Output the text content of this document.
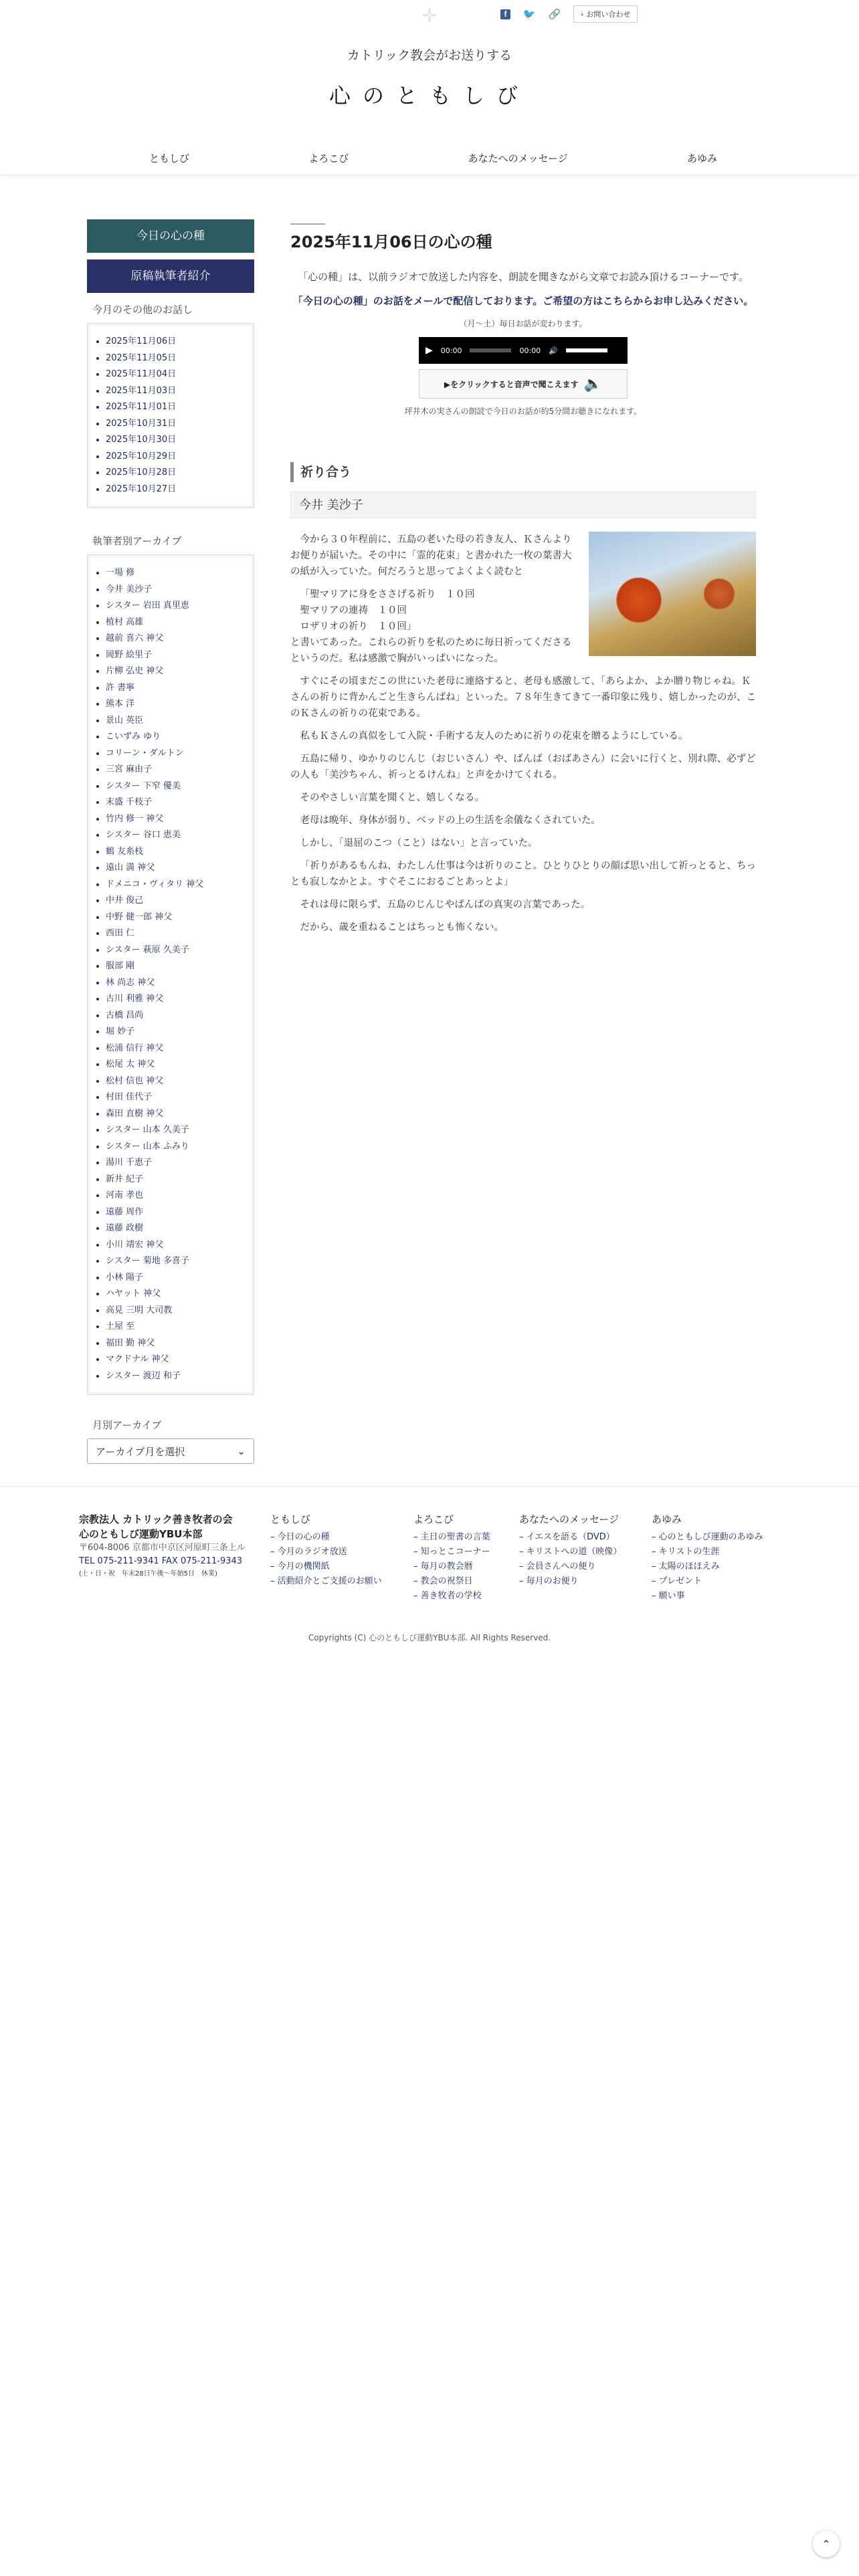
✛	f	🐦 🔗	› お問い合わせ
カトリック教会がお送りする
心のともしび
ともしび	よろこび	あなたへのメッセージ	あゆみ
今日の心の種
原稿執筆者紹介
今月のその他のお話し
• 2025年11月06日
• 2025年11月05日
• 2025年11月04日
• 2025年11月03日
• 2025年11月01日
• 2025年10月31日
• 2025年10月30日
• 2025年10月29日
• 2025年10月28日
• 2025年10月27日
執筆者別アーカイブ
• 一場 修
• 今井 美沙子
• シスター 岩田 真里恵
• 植村 高雄
• 越前 喜六 神父
• 岡野 絵里子
• 片柳 弘史 神父
• 許 書寧
• 熊本 洋
• 景山 英臣
• こいずみ ゆり
• コリーン・ダルトン
• 三宮 麻由子
• シスター 下窄 優美
• 末盛 千枝子
• 竹内 修一 神父
• シスター 谷口 恵美
• 鶴 友糸枝
• 遠山 満 神父
• ドメニコ・ヴィタリ 神父
• 中井 俊己
• 中野 健一郎 神父
• 西田 仁
• シスター 萩原 久美子
• 服部 剛
• 林 尚志 神父
• 古川 利雅 神父
• 古橋 昌尚
• 堀 妙子
• 松浦 信行 神父
• 松尾 太 神父
• 松村 信也 神父
• 村田 佳代子
• 森田 直樹 神父
• シスター 山本 久美子
• シスター 山本 ふみり
• 湯川 千恵子
• 新井 紀子
• 河南 孝也
• 遠藤 周作
• 遠藤 政樹
• 小川 靖宏 神父
• シスター 菊地 多喜子
• 小林 陽子
• ハヤット 神父
• 高見 三明 大司教
• 土屋 至
• 福田 勤 神父
• マクドナル 神父
• シスター 渡辺 和子
月別アーカイブ
アーカイブ月を選択	⌄
2025年11月06日の心の種

「心の種」は、以前ラジオで放送した内容を、朗読を聞きながら文章でお読み頂けるコーナーです。

「今日の心の種」のお話をメールで配信しております。ご希望の方はこちらからお申し込みください。

（月〜土）毎日お話が変わります。

▶ 00:00	00:00 🔊
▶をクリックすると音声で聞こえます 🔈

坪井木の実さんの朗読で今日のお話が約5分間お聴きになれます。

祈り合う
今井 美沙子

今から３０年程前に、五島の老いた母の若き友人、Ｋさんよりお便りが届いた。その中に「霊的花束」と書かれた一枚の葉書大の紙が入っていた。何だろうと思ってよくよく読むと

「聖マリアに身をささげる祈り　１０回
　聖マリアの連祷　１０回
　ロザリオの祈り　１０回」
と書いてあった。これらの祈りを私のために毎日祈ってくださるというのだ。私は感激で胸がいっぱいになった。

すぐにその頃まだこの世にいた老母に連絡すると、老母も感激して、「あらよか、よか贈り物じゃね。Ｋさんの祈りに背かんごと生きらんばね」といった。７８年生きてきて一番印象に残り、嬉しかったのが、このＫさんの祈りの花束である。

私もＫさんの真似をして入院・手術する友人のために祈りの花束を贈るようにしている。

五島に帰り、ゆかりのじんじ（おじいさん）や、ばんば（おばあさん）に会いに行くと、別れ際、必ずどの人も「美沙ちゃん、祈っとるけんね」と声をかけてくれる。

そのやさしい言葉を聞くと、嬉しくなる。

老母は晩年、身体が弱り、ベッドの上の生活を余儀なくされていた。

しかし、「退屈のこつ（こと）はない」と言っていた。

「祈りがあるもんね、わたしん仕事は今は祈りのこと。ひとりひとりの顔ば思い出して祈っとると、ちっとも寂しなかとよ。すぐそこにおるごとあっとよ」

それは母に限らず、五島のじんじやばんばの真実の言葉であった。

だから、歳を重ねることはちっとも怖くない。

宗教法人 カトリック善き牧者の会
心のともしび運動YBU本部
〒604-8006 京都市中京区河原町三条上ル
TEL 075-211-9341 FAX 075-211-9343
(土・日・祝　年末28日午後〜年始5日　休業)
ともしび
– 今日の心の種
– 今月のラジオ放送
– 今月の機関紙
– 活動紹介とご支援のお願い
よろこび
– 主日の聖書の言葉
– 知っとこコーナー
– 毎月の教会暦
– 教会の祝祭日
– 善き牧者の学校
あなたへのメッセージ
– イエスを語る（DVD）
– キリストへの道（映像）
– 会員さんへの便り
– 毎月のお便り
あゆみ
– 心のともしび運動のあゆみ
– キリストの生涯
– 太陽のほほえみ
– プレゼント
– 願い事
Copyrights (C) 心のともしび運動YBU本部. All Rights Reserved.
⌃
